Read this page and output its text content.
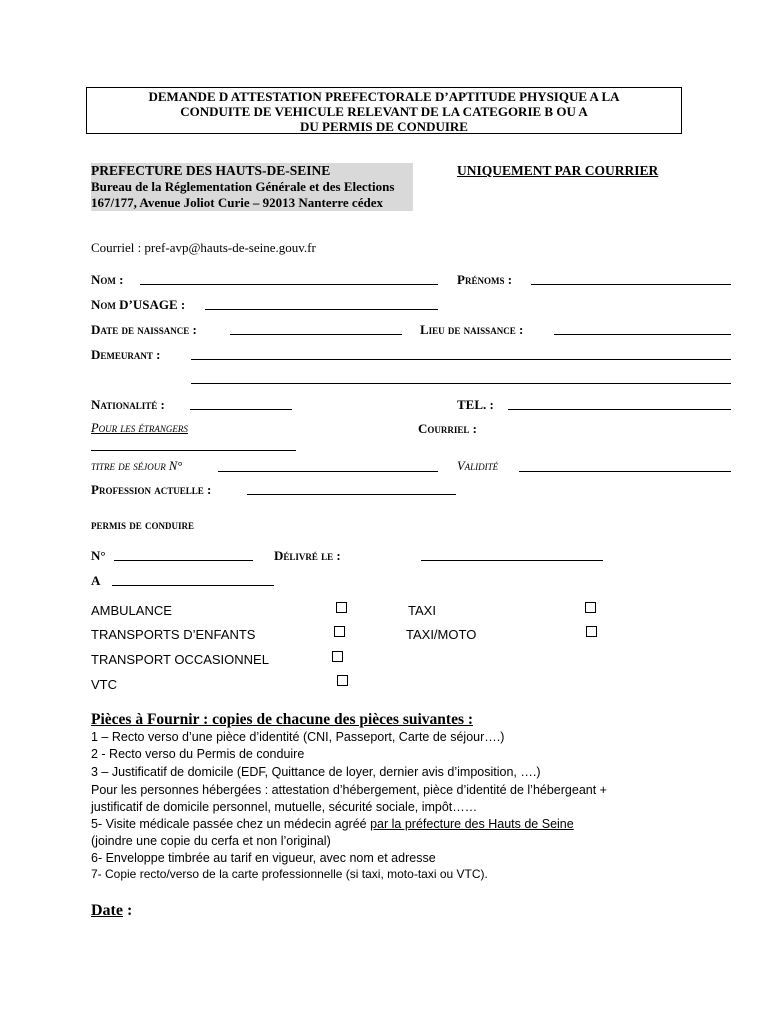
DEMANDE D ATTESTATION PREFECTORALE D’APTITUDE PHYSIQUE A LA
CONDUITE DE VEHICULE RELEVANT DE LA CATEGORIE B OU A
DU PERMIS DE CONDUIRE
PREFECTURE DES HAUTS-DE-SEINE	UNIQUEMENT PAR COURRIER
Bureau de la Réglementation Générale et des Elections
167/177, Avenue Joliot Curie – 92013 Nanterre cédex
Courriel : pref-avp@hauts-de-seine.gouv.fr
Nom :	Prénoms :
Nom D’USAGE :
Date de naissance :	Lieu de naissance :
Demeurant :
Nationalité :	TEL. :
Pour les étrangers	Courriel :
titre de séjour N°	Validité
Profession actuelle :
permis de conduire
N°	Délivré le :
A
AMBULANCE	TAXI
TRANSPORTS D’ENFANTS	TAXI/MOTO
TRANSPORT OCCASIONNEL
VTC
Pièces à Fournir : copies de chacune des pièces suivantes :
1 – Recto verso d’une pièce d’identité (CNI, Passeport, Carte de séjour….)
2 - Recto verso du Permis de conduire
3 – Justificatif de domicile (EDF, Quittance de loyer, dernier avis d’imposition, ….)
Pour les personnes hébergées : attestation d’hébergement, pièce d’identité de l’hébergeant +
justificatif de domicile personnel, mutuelle, sécurité sociale, impôt……
5- Visite médicale passée chez un médecin agréé par la préfecture des Hauts de Seine
(joindre une copie du cerfa et non l’original)
6- Enveloppe timbrée au tarif en vigueur, avec nom et adresse
7- Copie recto/verso de la carte professionnelle (si taxi, moto-taxi ou VTC).
Date :
